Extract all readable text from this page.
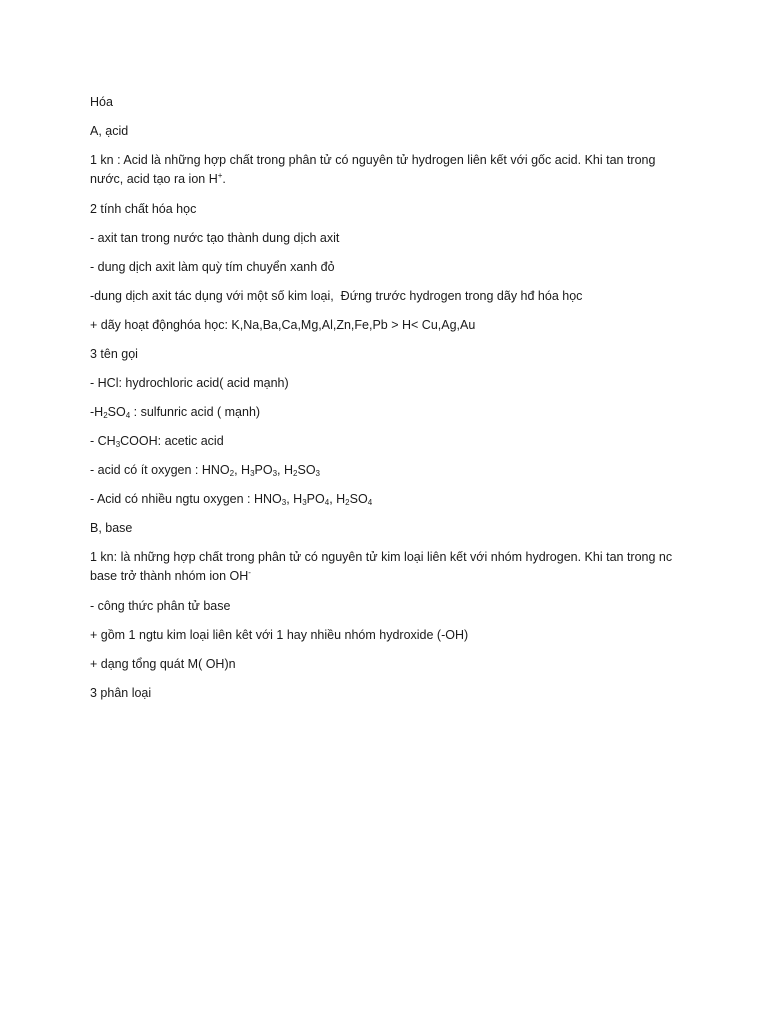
Hóa

A, ạcid

1 kn : Acid là những hợp chất trong phân tử có nguyên tử hydrogen liên kết với gốc acid. Khi tan trong nước, acid tạo ra ion H+.

2 tính chất hóa học

- axit tan trong nước tạo thành dung dịch axit

- dung dịch axit làm quỳ tím chuyển xanh đỏ

-dung dịch axit tác dụng với một số kim loại,  Đứng trước hydrogen trong dãy hđ hóa học

+ dãy hoạt độnghóa học: K,Na,Ba,Ca,Mg,Al,Zn,Fe,Pb > H< Cu,Ag,Au

3 tên gọi

- HCl: hydrochloric acid( acid mạnh)

$-H_2SO_4$ : sulfunric acid ( mạnh)

- $CH_3COOH$: acetic acid

- acid có ít oxygen : $HNO_2$, $H_3PO_3$, $H_2SO_3$

- Acid có nhiều ngtu oxygen : $HNO_3$, $H_3PO_4$, $H_2SO_4$

B, base

1 kn: là những hợp chất trong phân tử có nguyên tử kim loại liên kết với nhóm hydrogen. Khi tan trong nc base trở thành nhóm ion OH-

- công thức phân tử base

+ gồm 1 ngtu kim loại liên kêt với 1 hay nhiều nhóm hydroxide (-OH)

+ dạng tổng quát M( OH)n

3 phân loại
